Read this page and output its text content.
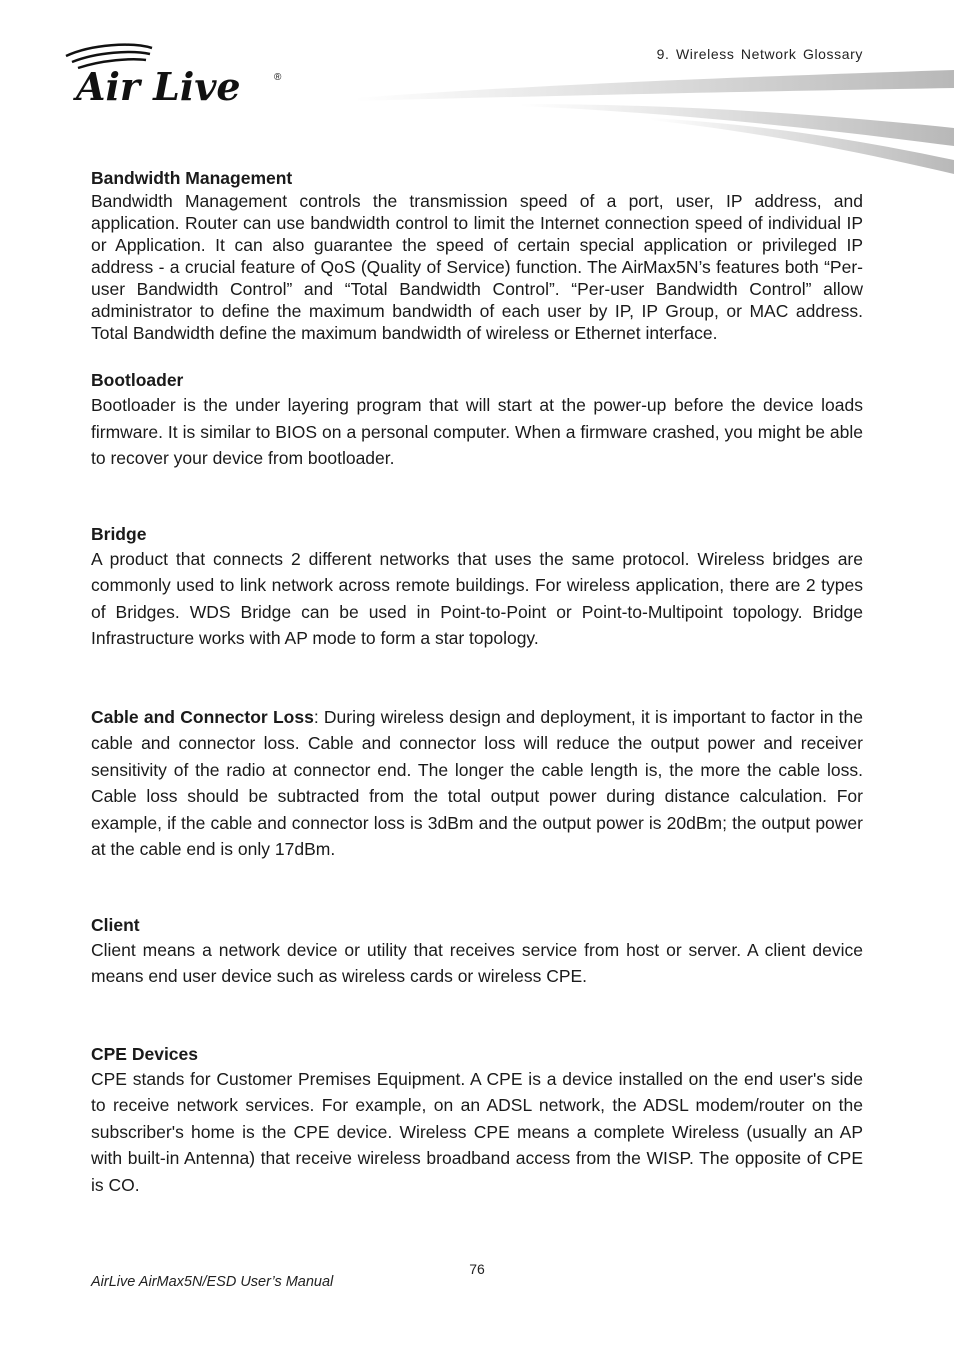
Air Live	®
9. Wireless Network Glossary
Bandwidth Management

Bandwidth Management controls the transmission speed of a port, user, IP address, and application. Router can use bandwidth control to limit the Internet connection speed of individual IP or Application. It can also guarantee the speed of certain special application or privileged IP address - a crucial feature of QoS (Quality of Service) function. The AirMax5N’s features both “Per-user Bandwidth Control” and “Total Bandwidth Control”. “Per-user Bandwidth Control” allow administrator to define the maximum bandwidth of each user by IP, IP Group, or MAC address. Total Bandwidth define the maximum bandwidth of wireless or Ethernet interface.

Bootloader

Bootloader is the under layering program that will start at the power-up before the device loads firmware. It is similar to BIOS on a personal computer. When a firmware crashed, you might be able to recover your device from bootloader.

Bridge

A product that connects 2 different networks that uses the same protocol. Wireless bridges are commonly used to link network across remote buildings. For wireless application, there are 2 types of Bridges. WDS Bridge can be used in Point-to-Point or Point-to-Multipoint topology. Bridge Infrastructure works with AP mode to form a star topology.

Cable and Connector Loss: During wireless design and deployment, it is important to factor in the cable and connector loss. Cable and connector loss will reduce the output power and receiver sensitivity of the radio at connector end. The longer the cable length is, the more the cable loss. Cable loss should be subtracted from the total output power during distance calculation. For example, if the cable and connector loss is 3dBm and the output power is 20dBm; the output power at the cable end is only 17dBm.

Client

Client means a network device or utility that receives service from host or server. A client device means end user device such as wireless cards or wireless CPE.

CPE Devices

CPE stands for Customer Premises Equipment. A CPE is a device installed on the end user's side to receive network services. For example, on an ADSL network, the ADSL modem/router on the subscriber's home is the CPE device. Wireless CPE means a complete Wireless (usually an AP with built-in Antenna) that receive wireless broadband access from the WISP. The opposite of CPE is CO.

76
AirLive AirMax5N/ESD User’s Manual
